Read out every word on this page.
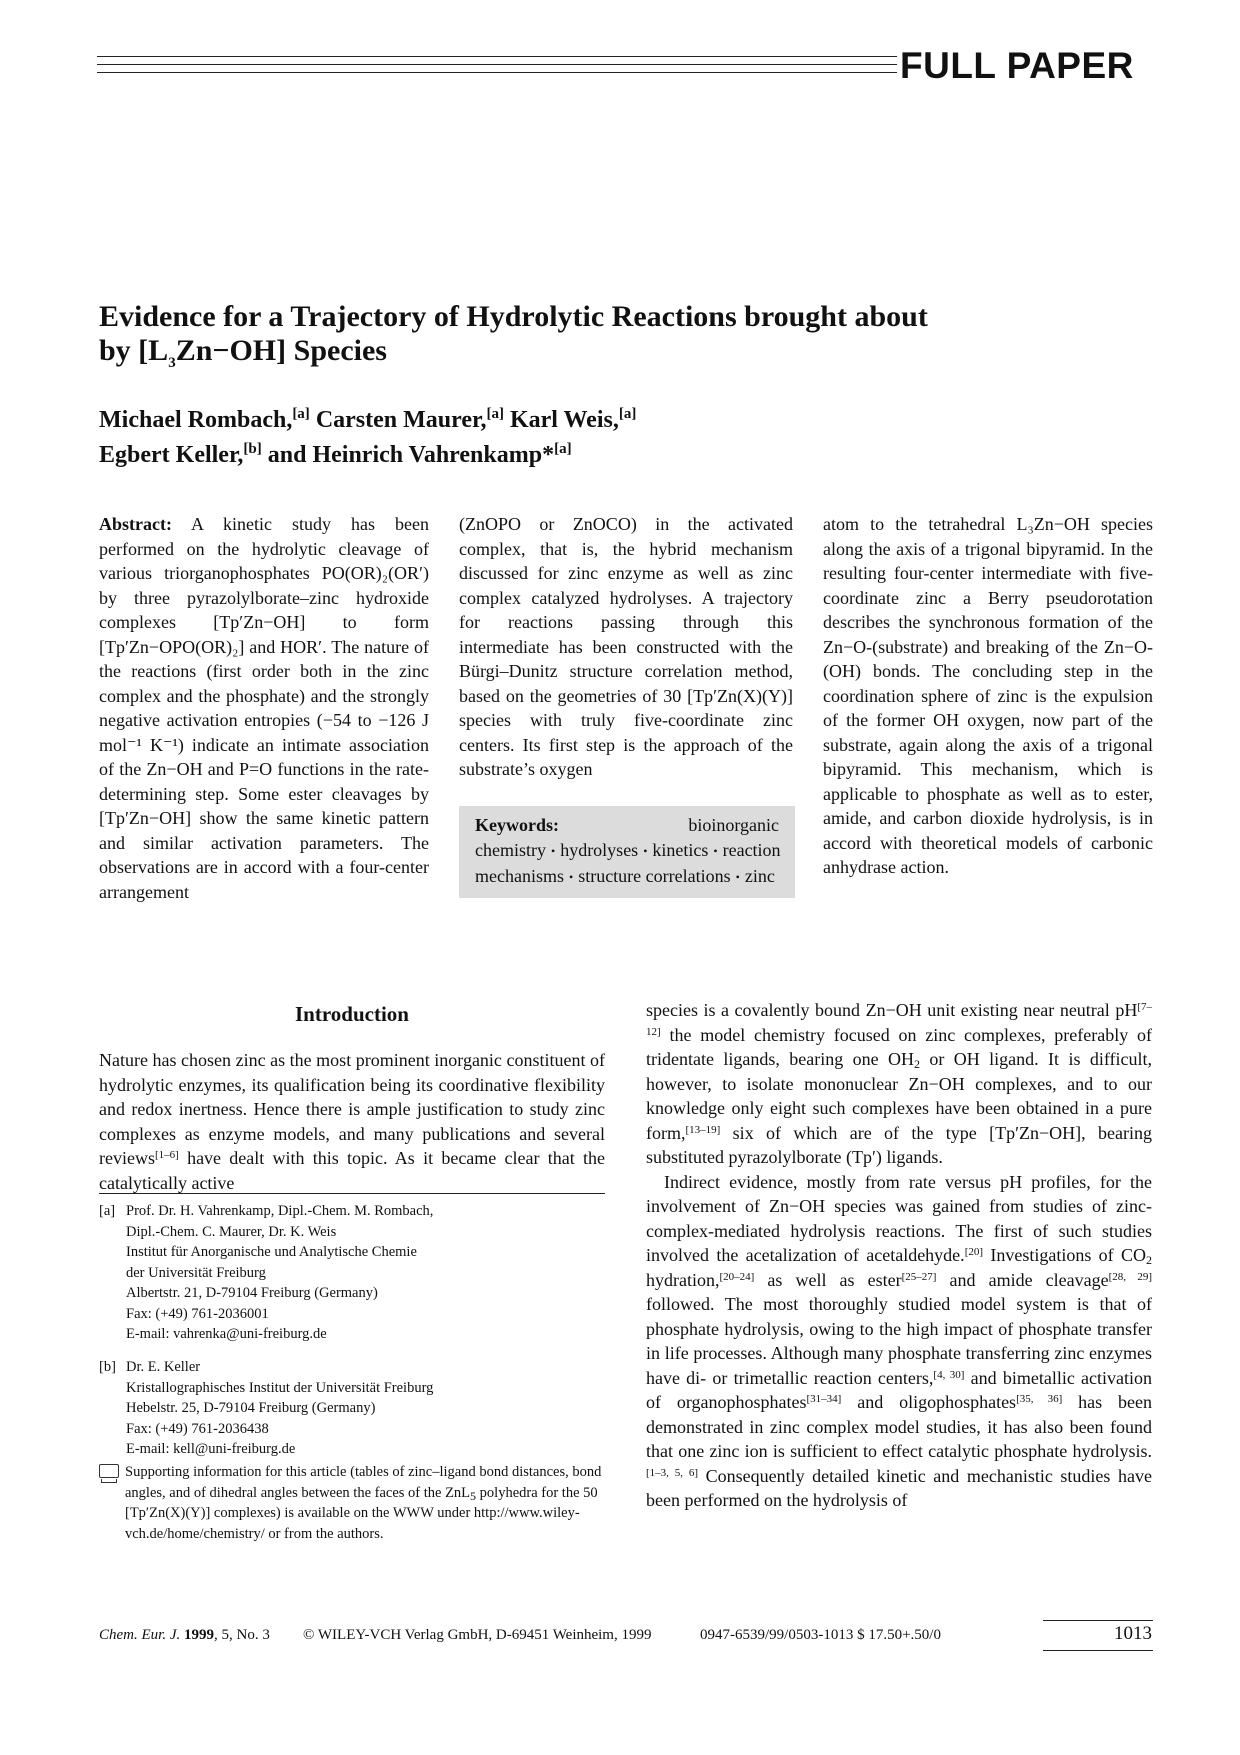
FULL PAPER
Evidence for a Trajectory of Hydrolytic Reactions brought about
by $[L_3Zn-OH]$ Species
Michael Rombach,[a] Carsten Maurer,[a] Karl Weis,[a]
Egbert Keller,[b] and Heinrich Vahrenkamp*[a]

Abstract: A kinetic study has been performed on the hydrolytic cleavage of various triorganophosphates PO(OR)₂(OR′) by three pyrazolylborate–zinc hydroxide complexes [Tp′Zn−OH] to form [Tp′Zn−OPO(OR)₂] and HOR′. The nature of the reactions (first order both in the zinc complex and the phosphate) and the strongly negative activation entropies (−54 to −126 J mol⁻¹ K⁻¹) indicate an intimate association of the Zn−OH and P=O functions in the rate-determining step. Some ester cleavages by [Tp′Zn−OH] show the same kinetic pattern and similar activation parameters. The observations are in accord with a four-center arrangement

(ZnOPO or ZnOCO) in the activated complex, that is, the hybrid mechanism discussed for zinc enzyme as well as zinc complex catalyzed hydrolyses. A trajectory for reactions passing through this intermediate has been constructed with the Bürgi–Dunitz structure correlation method, based on the geometries of 30 [Tp′Zn(X)(Y)] species with truly five-coordinate zinc centers. Its first step is the approach of the substrate’s oxygen

atom to the tetrahedral L₃Zn−OH species along the axis of a trigonal bipyramid. In the resulting four-center intermediate with five-coordinate zinc a Berry pseudorotation describes the synchronous formation of the Zn−O-(substrate) and breaking of the Zn−O-(OH) bonds. The concluding step in the coordination sphere of zinc is the expulsion of the former OH oxygen, now part of the substrate, again along the axis of a trigonal bipyramid. This mechanism, which is applicable to phosphate as well as to ester, amide, and carbon dioxide hydrolysis, is in accord with theoretical models of carbonic anhydrase action.

Keywords:	bioinorganic chemistry • hydrolyses • kinetics • reaction mechanisms • structure correlations • zinc
Introduction

Nature has chosen zinc as the most prominent inorganic constituent of hydrolytic enzymes, its qualification being its coordinative flexibility and redox inertness. Hence there is ample justification to study zinc complexes as enzyme models, and many publications and several reviews[1–6] have dealt with this topic. As it became clear that the catalytically active

[a] Prof. Dr. H. Vahrenkamp, Dipl.-Chem. M. Rombach,
Dipl.-Chem. C. Maurer, Dr. K. Weis
Institut für Anorganische und Analytische Chemie
der Universität Freiburg
Albertstr. 21, D-79104 Freiburg (Germany)
Fax: (+49) 761-2036001
E-mail: vahrenka@uni-freiburg.de
[b] Dr. E. Keller
Kristallographisches Institut der Universität Freiburg
Hebelstr. 25, D-79104 Freiburg (Germany)
Fax: (+49) 761-2036438
E-mail: kell@uni-freiburg.de
Supporting information for this article (tables of zinc–ligand bond distances, bond angles, and of dihedral angles between the faces of the ZnL$_5$ polyhedra for the 50 [Tp′Zn(X)(Y)] complexes) is available on the WWW under http://www.wiley-vch.de/home/chemistry/ or from the authors.

species is a covalently bound Zn−OH unit existing near neutral pH[7–12] the model chemistry focused on zinc complexes, preferably of tridentate ligands, bearing one $OH_2$ or OH ligand. It is difficult, however, to isolate mononuclear Zn−OH complexes, and to our knowledge only eight such complexes have been obtained in a pure form,[13–19] six of which are of the type [Tp′Zn−OH], bearing substituted pyrazolylborate (Tp′) ligands.

Indirect evidence, mostly from rate versus pH profiles, for the involvement of Zn−OH species was gained from studies of zinc-complex-mediated hydrolysis reactions. The first of such studies involved the acetalization of acetaldehyde.[20] Investigations of $CO_2$ hydration,[20–24] as well as ester[25–27] and amide cleavage[28, 29] followed. The most thoroughly studied model system is that of phosphate hydrolysis, owing to the high impact of phosphate transfer in life processes. Although many phosphate transferring zinc enzymes have di- or trimetallic reaction centers,[4, 30] and bimetallic activation of organophosphates[31–34] and oligophosphates[35, 36] has been demonstrated in zinc complex model studies, it has also been found that one zinc ion is sufficient to effect catalytic phosphate hydrolysis.[1–3, 5, 6] Consequently detailed kinetic and mechanistic studies have been performed on the hydrolysis of

Chem. Eur. J. 1999, 5, No. 3 © WILEY-VCH Verlag GmbH, D-69451 Weinheim, 1999	0947-6539/99/0503-1013 $ 17.50+.50/0	1013
